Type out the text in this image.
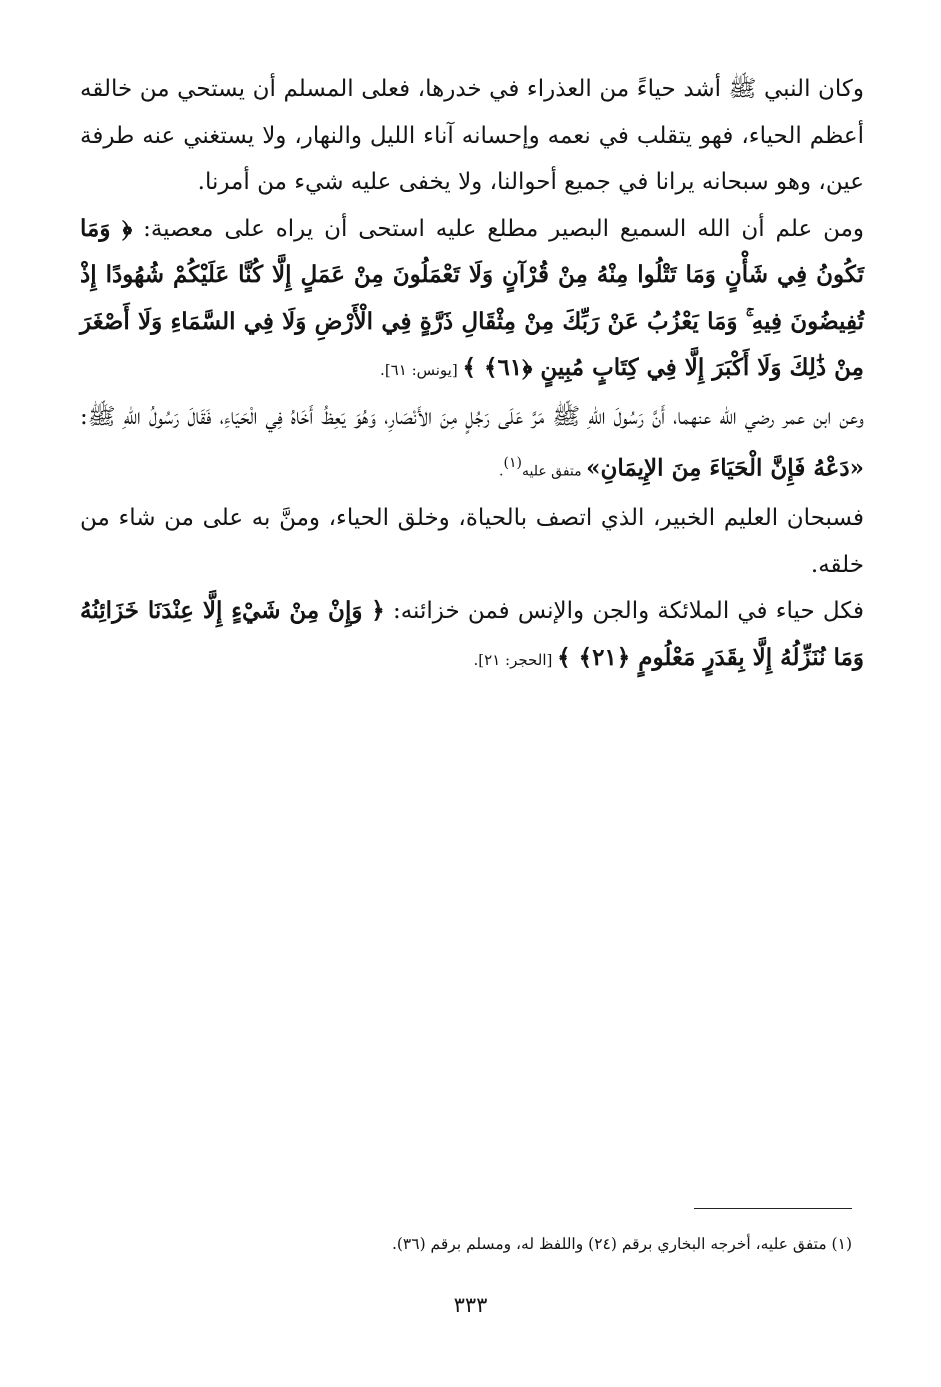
وكان النبي ﷺ أشد حياءً من العذراء في خدرها، فعلى المسلم أن يستحي من خالقه أعظم الحياء، فهو يتقلب في نعمه وإحسانه آناء الليل والنهار، ولا يستغني عنه طرفة عين، وهو سبحانه يرانا في جميع أحوالنا، ولا يخفى عليه شيء من أمرنا.

ومن علم أن الله السميع البصير مطلع عليه استحى أن يراه على معصية: ﴿ وَمَا تَكُونُ فِي شَأْنٍ وَمَا تَتْلُوا مِنْهُ مِنْ قُرْآنٍ وَلَا تَعْمَلُونَ مِنْ عَمَلٍ إِلَّا كُنَّا عَلَيْكُمْ شُهُودًا إِذْ تُفِيضُونَ فِيهِ ۚ وَمَا يَعْزُبُ عَنْ رَبِّكَ مِنْ مِثْقَالِ ذَرَّةٍ فِي الْأَرْضِ وَلَا فِي السَّمَاءِ وَلَا أَصْغَرَ مِنْ ذَٰلِكَ وَلَا أَكْبَرَ إِلَّا فِي كِتَابٍ مُبِينٍ ﴿٦١﴾ ﴾ [يونس: ٦١].

وعن ابن عمر رضي الله عنهما، أَنَّ رَسُولَ اللهِ ﷺ مَرَّ عَلَى رَجُلٍ مِنَ الأَنْصَارِ، وَهُوَ يَعِظُ أَخَاهُ فِي الْحَيَاءِ، فَقَالَ رَسُولُ اللهِ ﷺ: «دَعْهُ فَإِنَّ الْحَيَاءَ مِنَ الإِيمَانِ» متفق عليه$^{(١)}$.

فسبحان العليم الخبير، الذي اتصف بالحياة، وخلق الحياء، ومنَّ به على من شاء من خلقه.

فكل حياء في الملائكة والجن والإنس فمن خزائنه: ﴿ وَإِنْ مِنْ شَيْءٍ إِلَّا عِنْدَنَا خَزَائِنُهُ وَمَا نُنَزِّلُهُ إِلَّا بِقَدَرٍ مَعْلُومٍ ﴿٢١﴾ ﴾ [الحجر: ٢١].

(١) متفق عليه، أخرجه البخاري برقم (٢٤) واللفظ له، ومسلم برقم (٣٦).
٣٣٣
